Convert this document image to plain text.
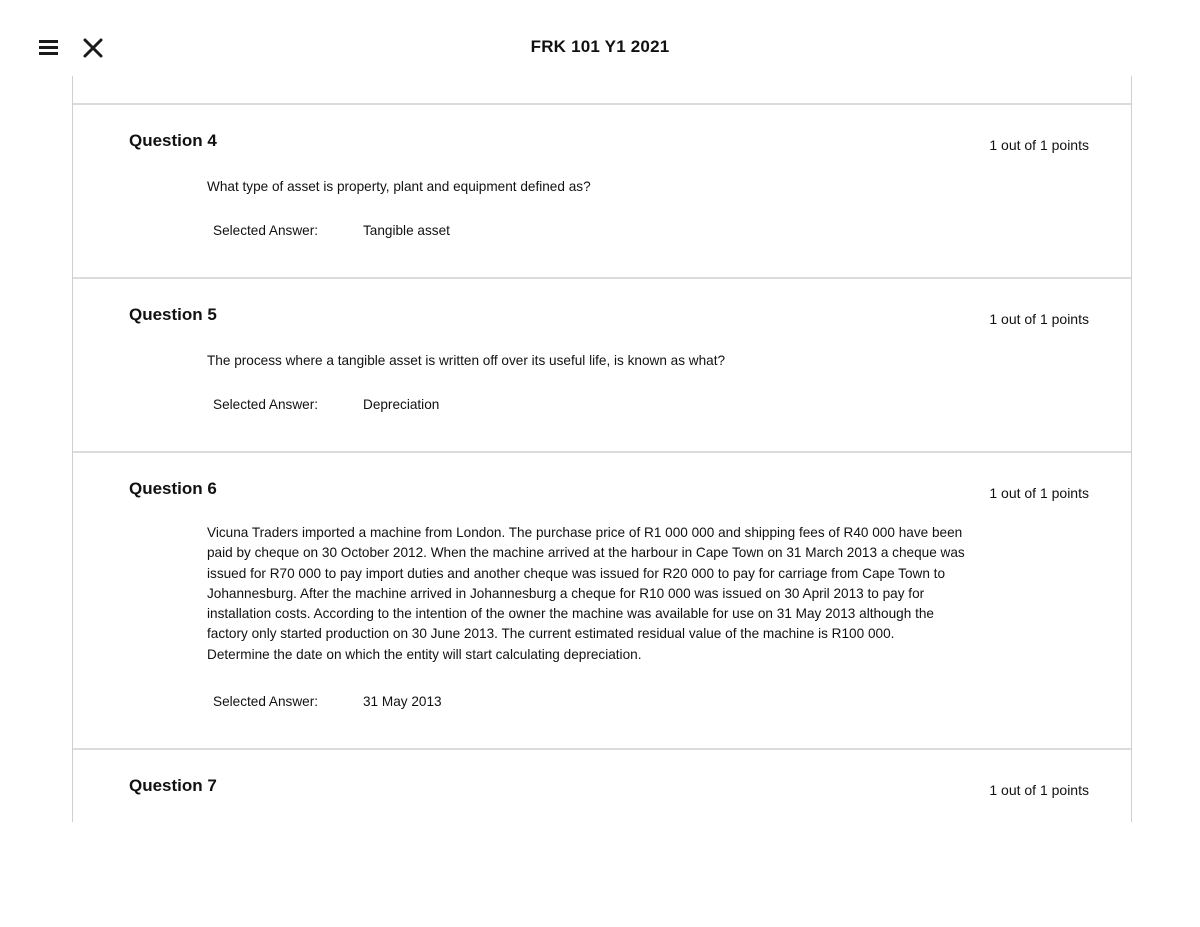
FRK 101 Y1 2021
Question 4	1 out of 1 points
What type of asset is property, plant and equipment defined as?
Selected Answer:	Tangible asset
Question 5	1 out of 1 points
The process where a tangible asset is written off over its useful life, is known as what?
Selected Answer:	Depreciation
Question 6	1 out of 1 points
Vicuna Traders imported a machine from London. The purchase price of R1 000 000 and shipping fees of R40 000 have been
paid by cheque on 30 October 2012. When the machine arrived at the harbour in Cape Town on 31 March 2013 a cheque was
issued for R70 000 to pay import duties and another cheque was issued for R20 000 to pay for carriage from Cape Town to
Johannesburg. After the machine arrived in Johannesburg a cheque for R10 000 was issued on 30 April 2013 to pay for
installation costs. According to the intention of the owner the machine was available for use on 31 May 2013 although the
factory only started production on 30 June 2013. The current estimated residual value of the machine is R100 000.
Determine the date on which the entity will start calculating depreciation.
Selected Answer:	31 May 2013
Question 7	1 out of 1 points
